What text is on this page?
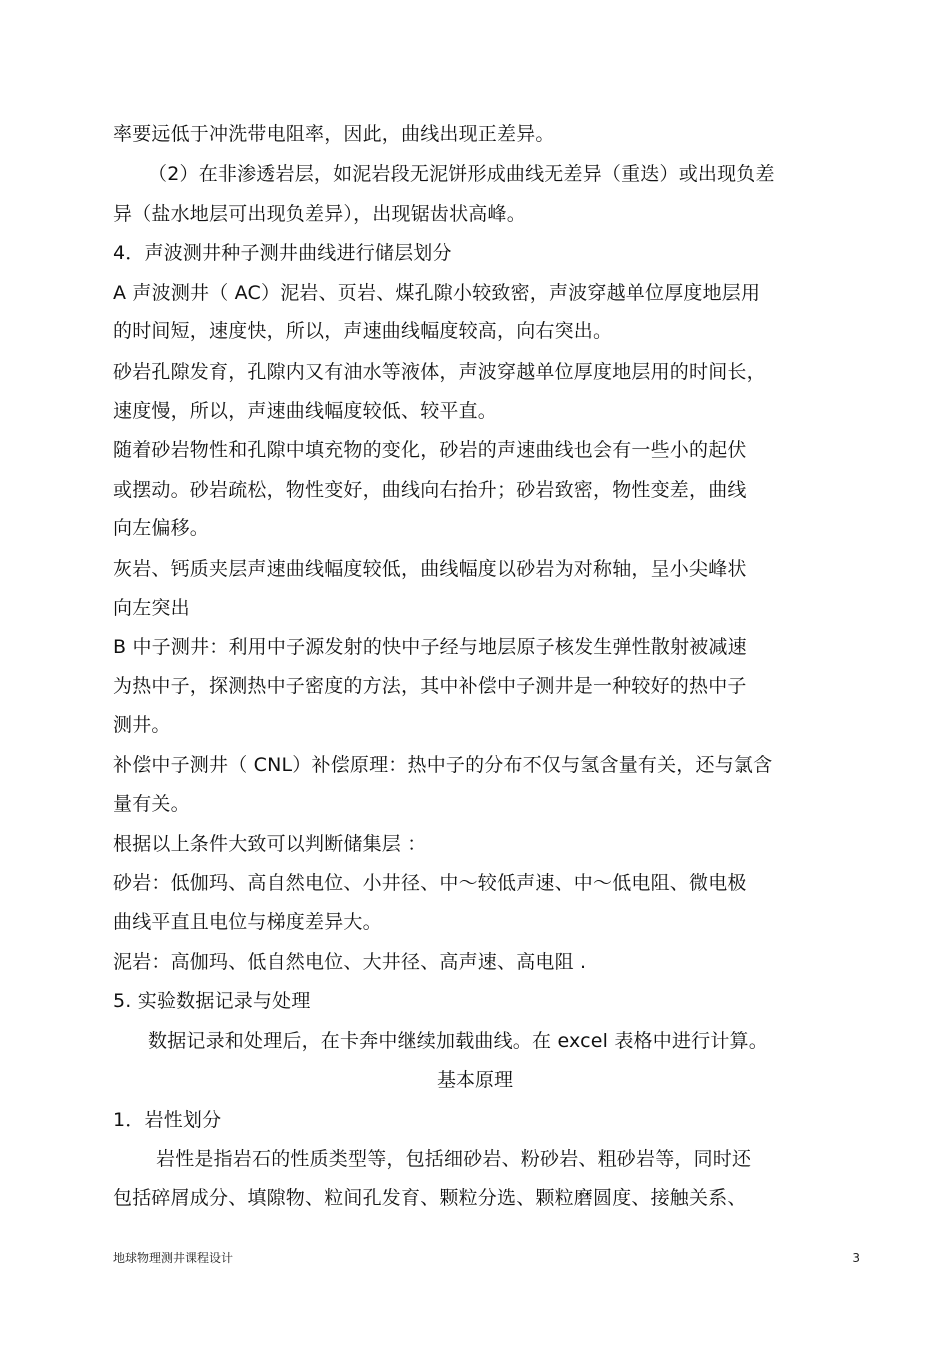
率要远低于冲洗带电阻率，因此，曲线出现正差异。
（2）在非渗透岩层，如泥岩段无泥饼形成曲线无差异（重迭）或出现负差
异（盐水地层可出现负差异），出现锯齿状高峰。
4．声波测井种子测井曲线进行储层划分
A 声波测井（ AC）泥岩、页岩、煤孔隙小较致密，声波穿越单位厚度地层用
的时间短，速度快，所以，声速曲线幅度较高，向右突出。
砂岩孔隙发育，孔隙内又有油水等液体，声波穿越单位厚度地层用的时间长，
速度慢，所以，声速曲线幅度较低、较平直。
随着砂岩物性和孔隙中填充物的变化，砂岩的声速曲线也会有一些小的起伏
或摆动。砂岩疏松，物性变好，曲线向右抬升；砂岩致密，物性变差，曲线
向左偏移。
灰岩、钙质夹层声速曲线幅度较低，曲线幅度以砂岩为对称轴，呈小尖峰状
向左突出
B 中子测井：利用中子源发射的快中子经与地层原子核发生弹性散射被减速
为热中子，探测热中子密度的方法，其中补偿中子测井是一种较好的热中子
测井。
补偿中子测井（ CNL）补偿原理：热中子的分布不仅与氢含量有关，还与氯含
量有关。
根据以上条件大致可以判断储集层 ：
砂岩：低伽玛、高自然电位、小井径、中～较低声速、中～低电阻、微电极
曲线平直且电位与梯度差异大。
泥岩：高伽玛、低自然电位、大井径、高声速、高电阻 .
5. 实验数据记录与处理
数据记录和处理后，在卡奔中继续加载曲线。在 excel 表格中进行计算。
基本原理
1．岩性划分
岩性是指岩石的性质类型等，包括细砂岩、粉砂岩、粗砂岩等，同时还
包括碎屑成分、填隙物、粒间孔发育、颗粒分选、颗粒磨圆度、接触关系、
地球物理测井课程设计	3
